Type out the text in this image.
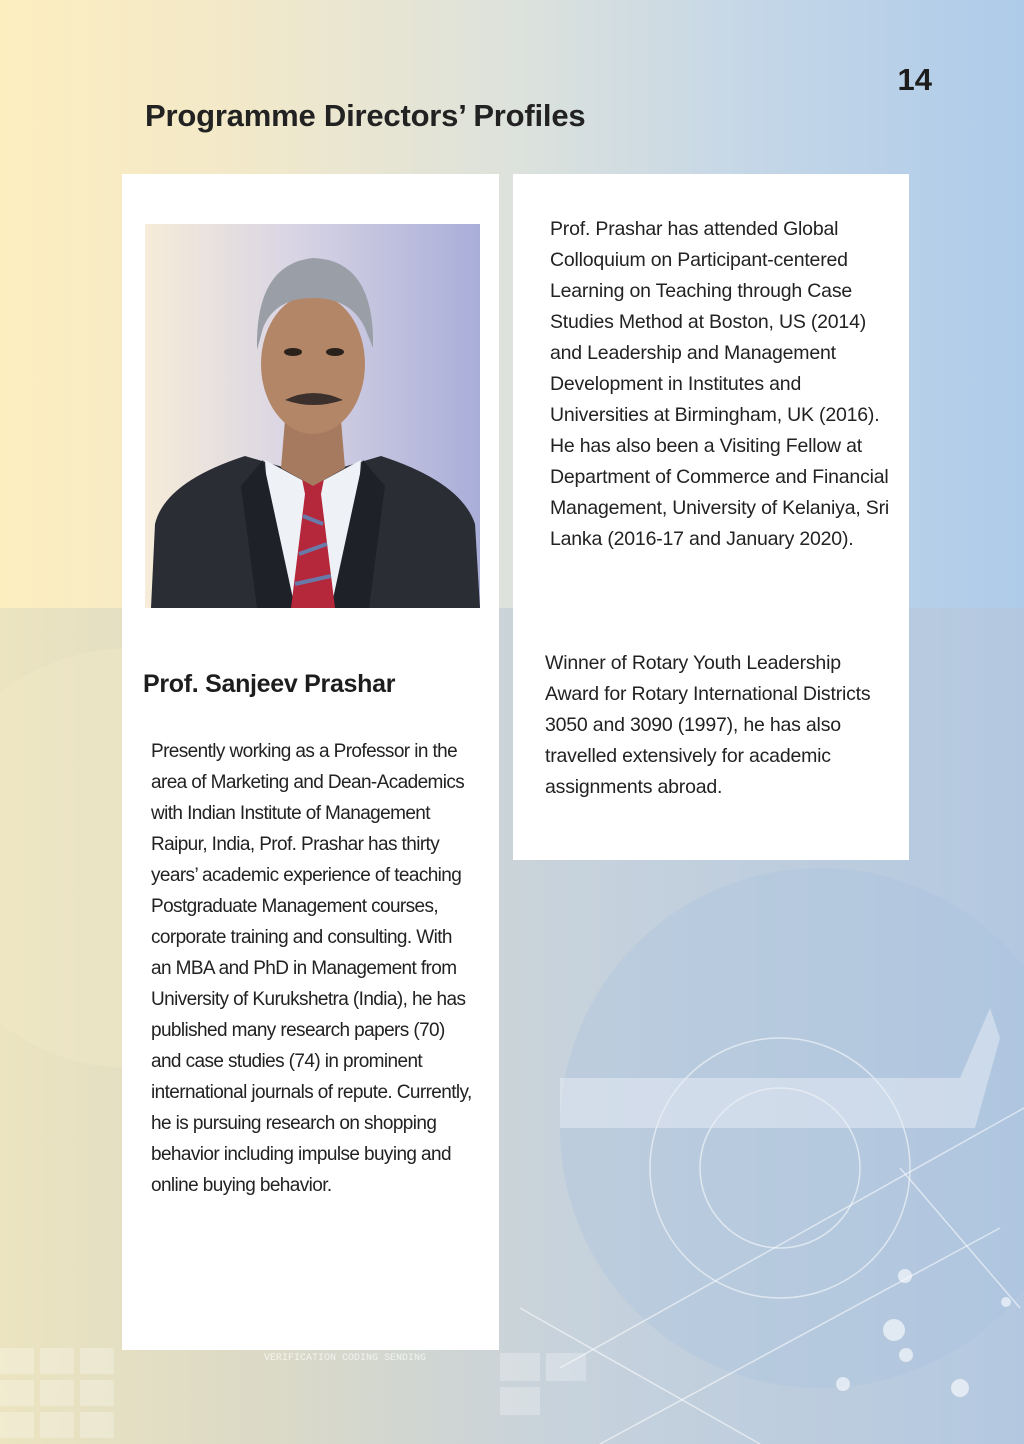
VERIFICATION CODING SENDING
14
Programme Directors’ Profiles
Prof. Sanjeev Prashar

Presently working as a Professor in the area of Marketing and Dean-Academics with Indian Institute of Management Raipur, India, Prof. Prashar has thirty years’ academic experience of teaching Postgraduate Management courses, corporate training and consulting. With an MBA and PhD in Management from University of Kurukshetra (India), he has published many research papers (70) and case studies (74) in prominent international journals of repute. Currently, he is pursuing research on shopping behavior including impulse buying and online buying behavior.

Prof. Prashar has attended Global Colloquium on Participant-centered Learning on Teaching through Case Studies Method at Boston, US (2014) and Leadership and Management Development in Institutes and Universities at Birmingham, UK (2016). He has also been a Visiting Fellow at Department of Commerce and Financial Management, University of Kelaniya, Sri Lanka (2016-17 and January 2020).

Winner of Rotary Youth Leadership Award for Rotary International Districts 3050 and 3090 (1997), he has also travelled extensively for academic assignments abroad.
